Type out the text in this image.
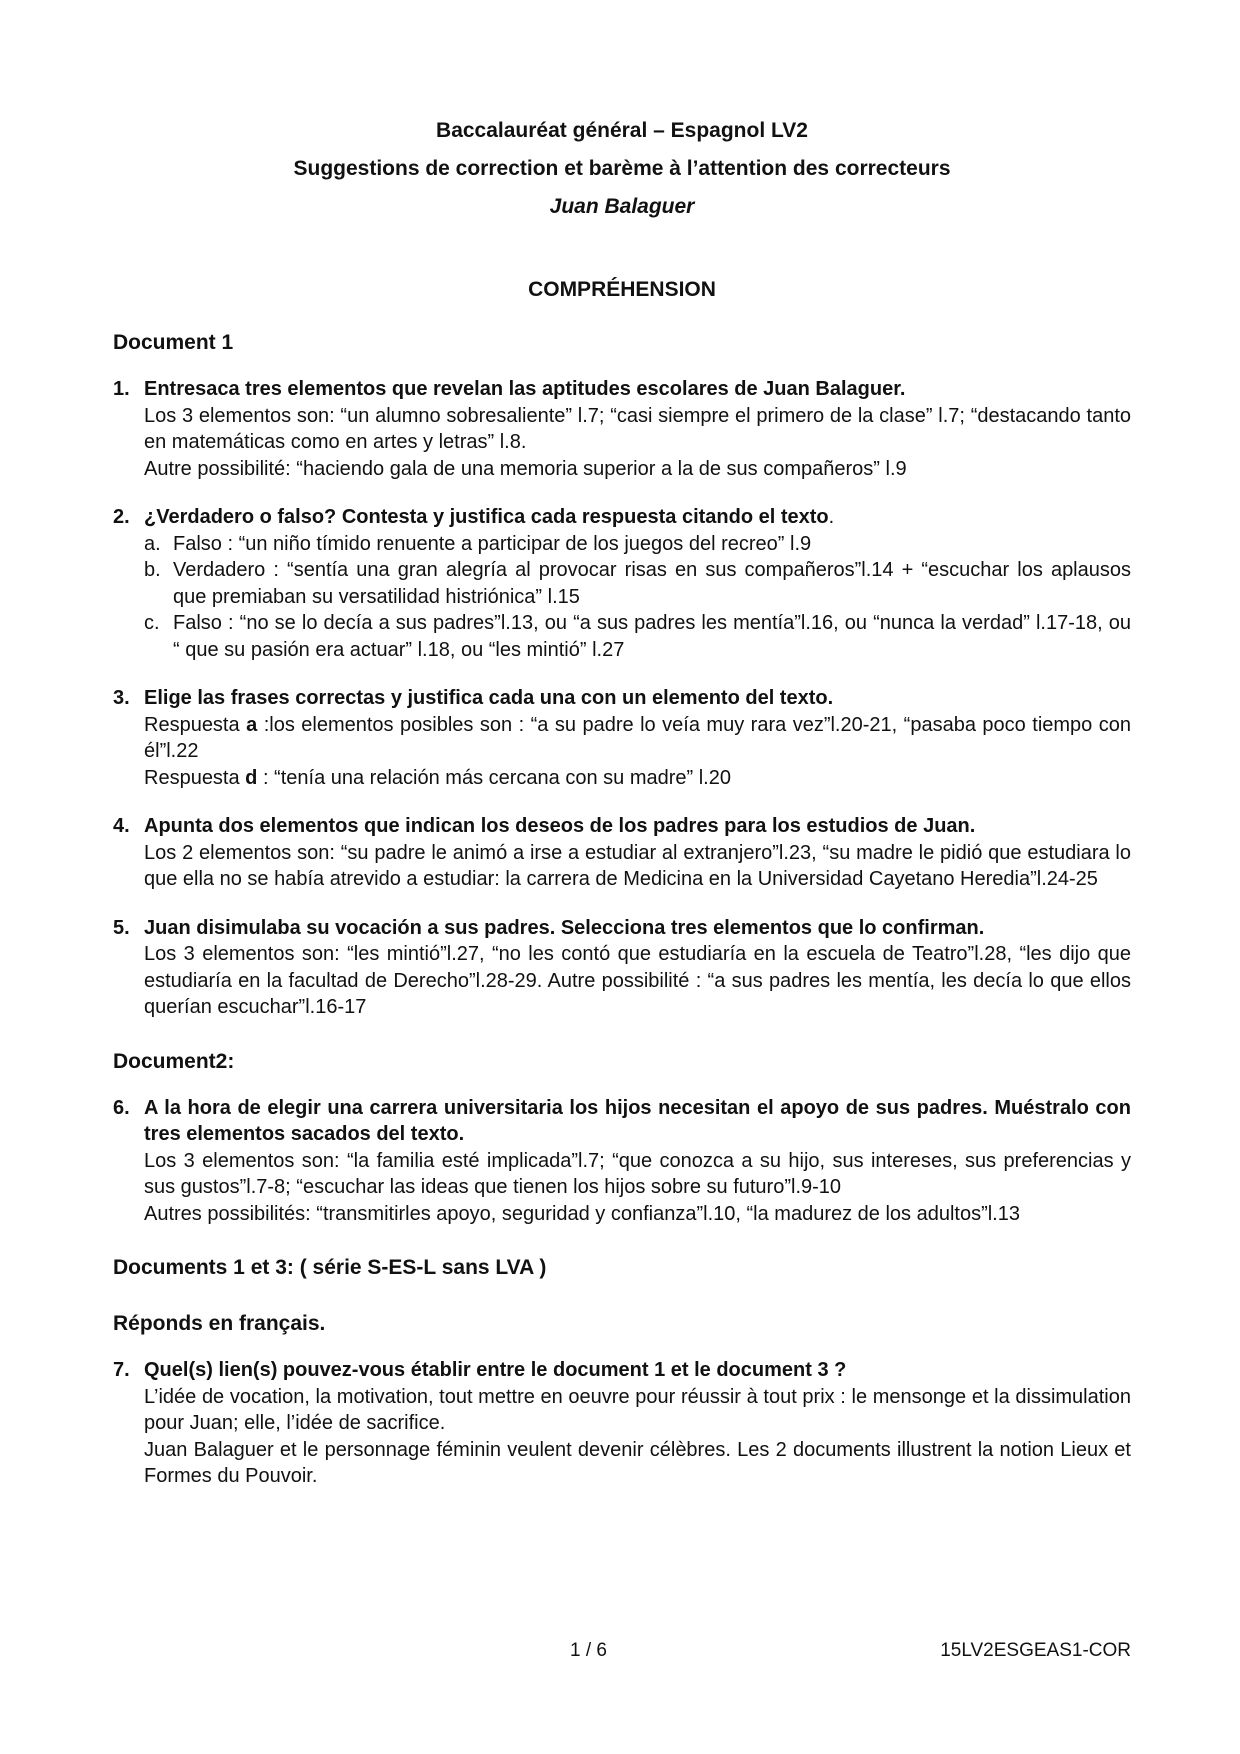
Baccalauréat général – Espagnol LV2

Suggestions de correction et barème à l’attention des correcteurs

Juan Balaguer

COMPRÉHENSION

Document 1

1. Entresaca tres elementos que revelan las aptitudes escolares de Juan Balaguer.

Los 3 elementos son: “un alumno sobresaliente” l.7; “casi siempre el primero de la clase” l.7; “destacando tanto en matemáticas como en artes y letras” l.8.

Autre possibilité: “haciendo gala de una memoria superior a la de sus compañeros” l.9

2. ¿Verdadero o falso? Contesta y justifica cada respuesta citando el texto.
a. Falso : “un niño tímido renuente a participar de los juegos del recreo” l.9
b. Verdadero : “sentía una gran alegría al provocar risas en sus compañeros”l.14 + “escuchar los aplausos que premiaban su versatilidad histriónica” l.15
c. Falso : “no se lo decía a sus padres”l.13, ou “a sus padres les mentía”l.16, ou “nunca la verdad” l.17-18, ou “ que su pasión era actuar” l.18, ou “les mintió” l.27
3. Elige las frases correctas y justifica cada una con un elemento del texto.

Respuesta a :los elementos posibles son : “a su padre lo veía muy rara vez”l.20-21, “pasaba poco tiempo con él”l.22

Respuesta d : “tenía una relación más cercana con su madre” l.20

4. Apunta dos elementos que indican los deseos de los padres para los estudios de Juan.

Los 2 elementos son: “su padre le animó a irse a estudiar al extranjero”l.23, “su madre le pidió que estudiara lo que ella no se había atrevido a estudiar: la carrera de Medicina en la Universidad Cayetano Heredia”l.24-25

5. Juan disimulaba su vocación a sus padres. Selecciona tres elementos que lo confirman.

Los 3 elementos son: “les mintió”l.27, “no les contó que estudiaría en la escuela de Teatro”l.28, “les dijo que estudiaría en la facultad de Derecho”l.28-29. Autre possibilité : “a sus padres les mentía, les decía lo que ellos querían escuchar”l.16-17

Document2:

6. A la hora de elegir una carrera universitaria los hijos necesitan el apoyo de sus padres. Muéstralo con tres elementos sacados del texto.

Los 3 elementos son: “la familia esté implicada”l.7; “que conozca a su hijo, sus intereses, sus preferencias y sus gustos”l.7-8; “escuchar las ideas que tienen los hijos sobre su futuro”l.9-10

Autres possibilités: “transmitirles apoyo, seguridad y confianza”l.10, “la madurez de los adultos”l.13

Documents 1 et 3: ( série S-ES-L sans LVA )

Réponds en français.

7. Quel(s) lien(s) pouvez-vous établir entre le document 1 et le document 3 ?

L’idée de vocation, la motivation, tout mettre en oeuvre pour réussir à tout prix : le mensonge et la dissimulation pour Juan; elle, l’idée de sacrifice.

Juan Balaguer et le personnage féminin veulent devenir célèbres. Les 2 documents illustrent la notion Lieux et Formes du Pouvoir.

1 / 6	15LV2ESGEAS1-COR
